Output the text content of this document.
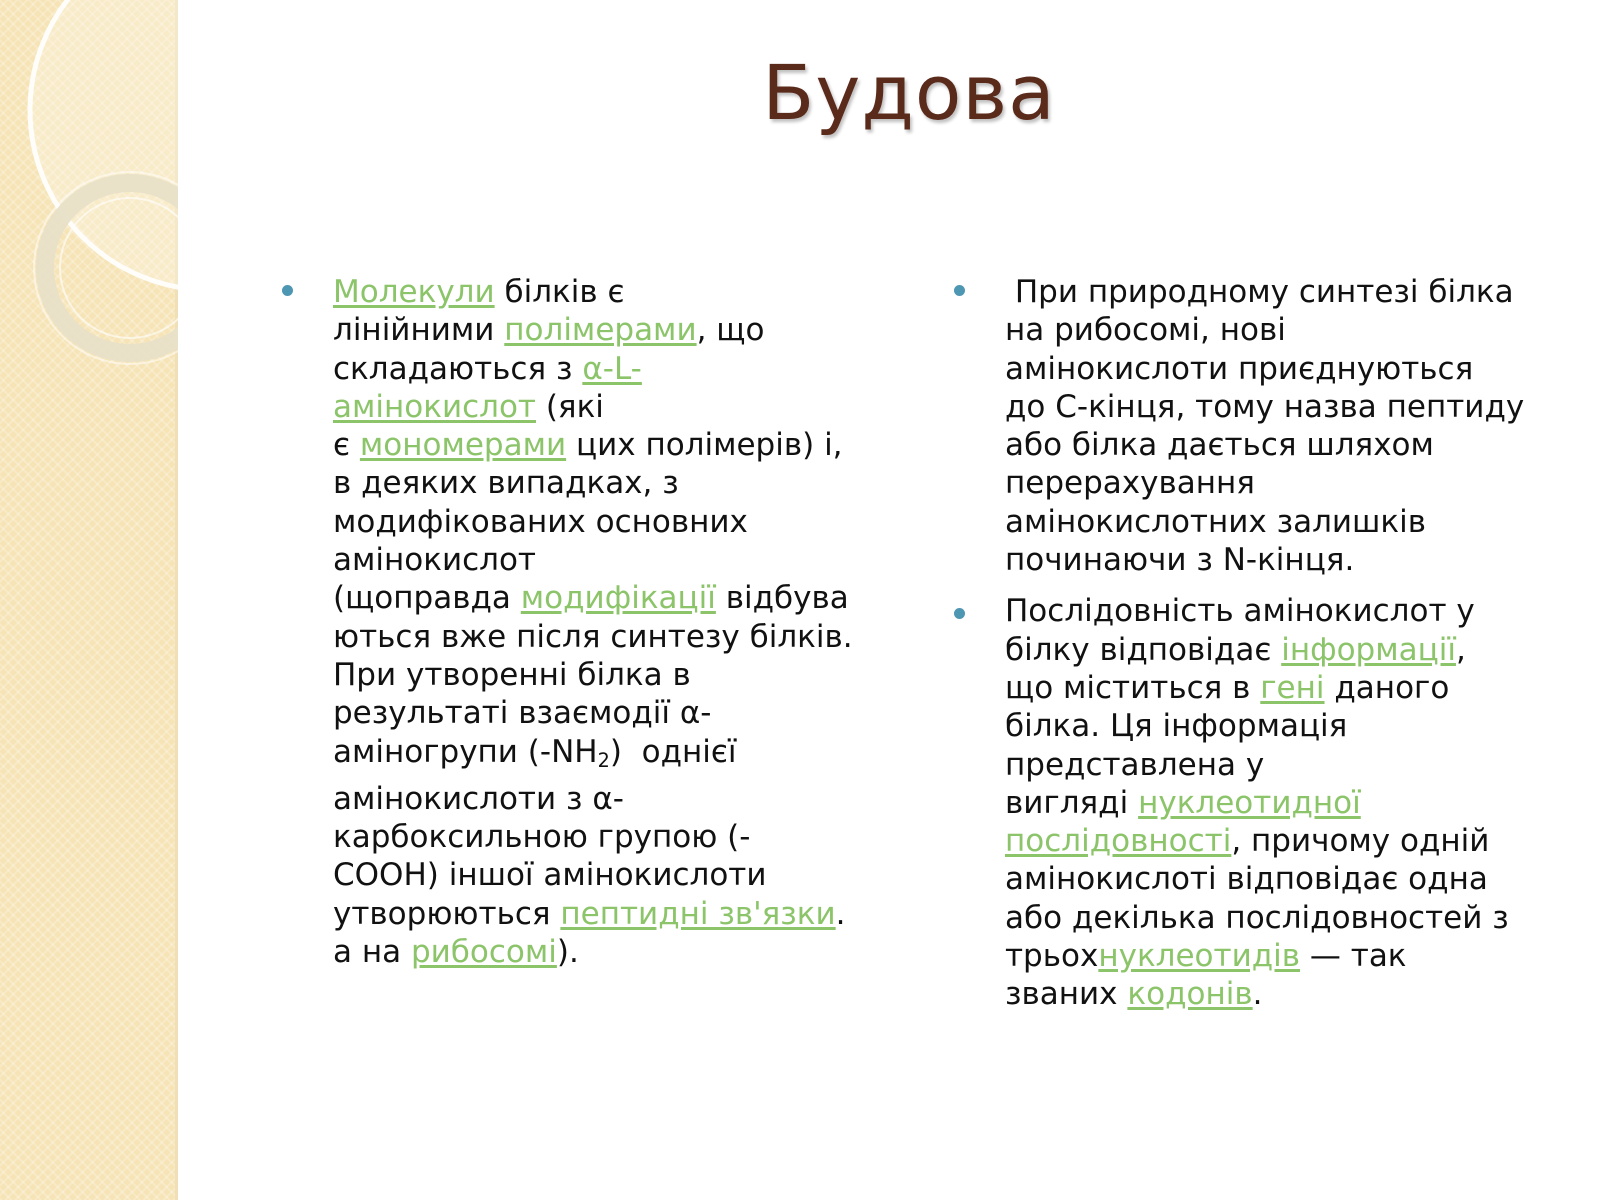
Будова

Молекули білків є
лінійними полімерами, що
складаються з α-L-
амінокислот (які
є мономерами цих полімерів) і,
в деяких випадках, з
модифікованих основних
амінокислот
(щоправда модифікації відбува
ються вже після синтезу білків.
При утворенні білка в
результаті взаємодії α-
аміногрупи $(-NH_2)$  однієї
амінокислоти з α-
карбоксильною групою (-
СООН) іншої амінокислоти
утворюються пептидні зв'язки.
а на рибосомі).

При природному синтезі білка
на рибосомі, нові
амінокислоти приєднуються
до С-кінця, тому назва пептиду
або білка дається шляхом
перерахування
амінокислотних залишків
починаючи з N-кінця.

Послідовність амінокислот у
білку відповідає інформації,
що міститься в гені даного
білка. Ця інформація
представлена у
вигляді нуклеотидної
послідовності, причому одній
амінокислоті відповідає одна
або декілька послідовностей з
трьохнуклеотидів — так
званих кодонів.
